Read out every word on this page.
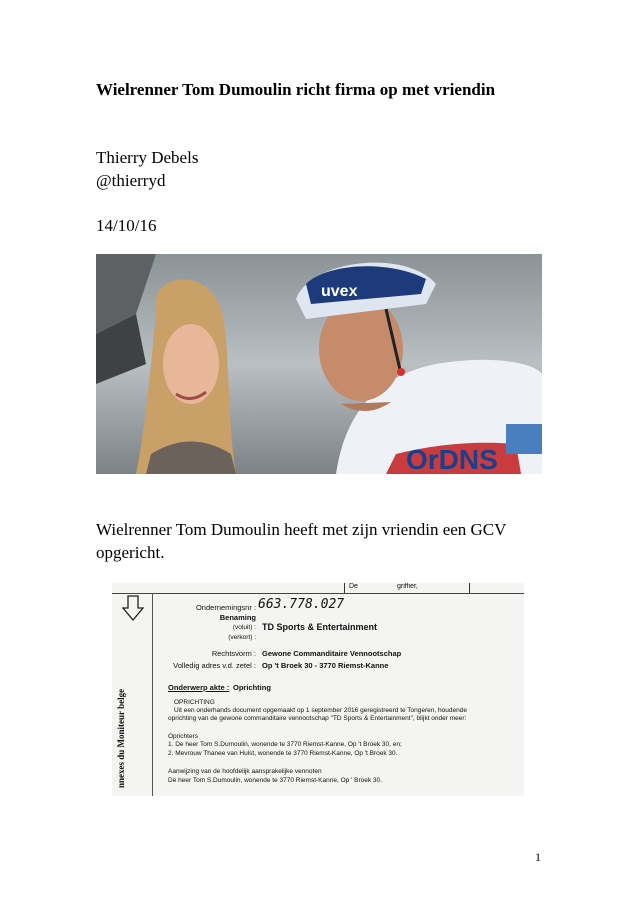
Wielrenner Tom Dumoulin richt firma op met vriendin
Thierry Debels
@thierryd
14/10/16
OrDNS
uvex
Wielrenner Tom Dumoulin heeft met zijn vriendin een GCV opgericht.
De	griffier,
nnexes du Moniteur belge
Ondernemingsnr : 663.778.027
Benaming
(voluit) : TD Sports & Entertainment
(verkort) :
Rechtsvorm : Gewone Commanditaire Vennootschap
Volledig adres v.d. zetel : Op 't Broek 30 - 3770 Riemst-Kanne
Onderwerp akte : Oprichting
OPRICHTING
Uit een onderhands document opgemaakt op 1 september 2016 geregistreerd te Tongeren, houdende
oprichting van de gewone commanditaire vennootschap "TD Sports & Entertainment", blijkt onder meer:
Oprichters
1. De heer Tom S.Dumoulin, wonende te 3770 Riemst-Kanne, Op 't Broek 30, en;
2. Mevrouw Thanee van Hulst, wonende te 3770 Riemst-Kanne, Op 't Broek 30.
Aanwijzing van de hoofdelijk aansprakelijke vennoten
De heer Tom S.Dumoulin, wonende te 3770 Riemst-Kanne, Op ' Broek 30.
1
